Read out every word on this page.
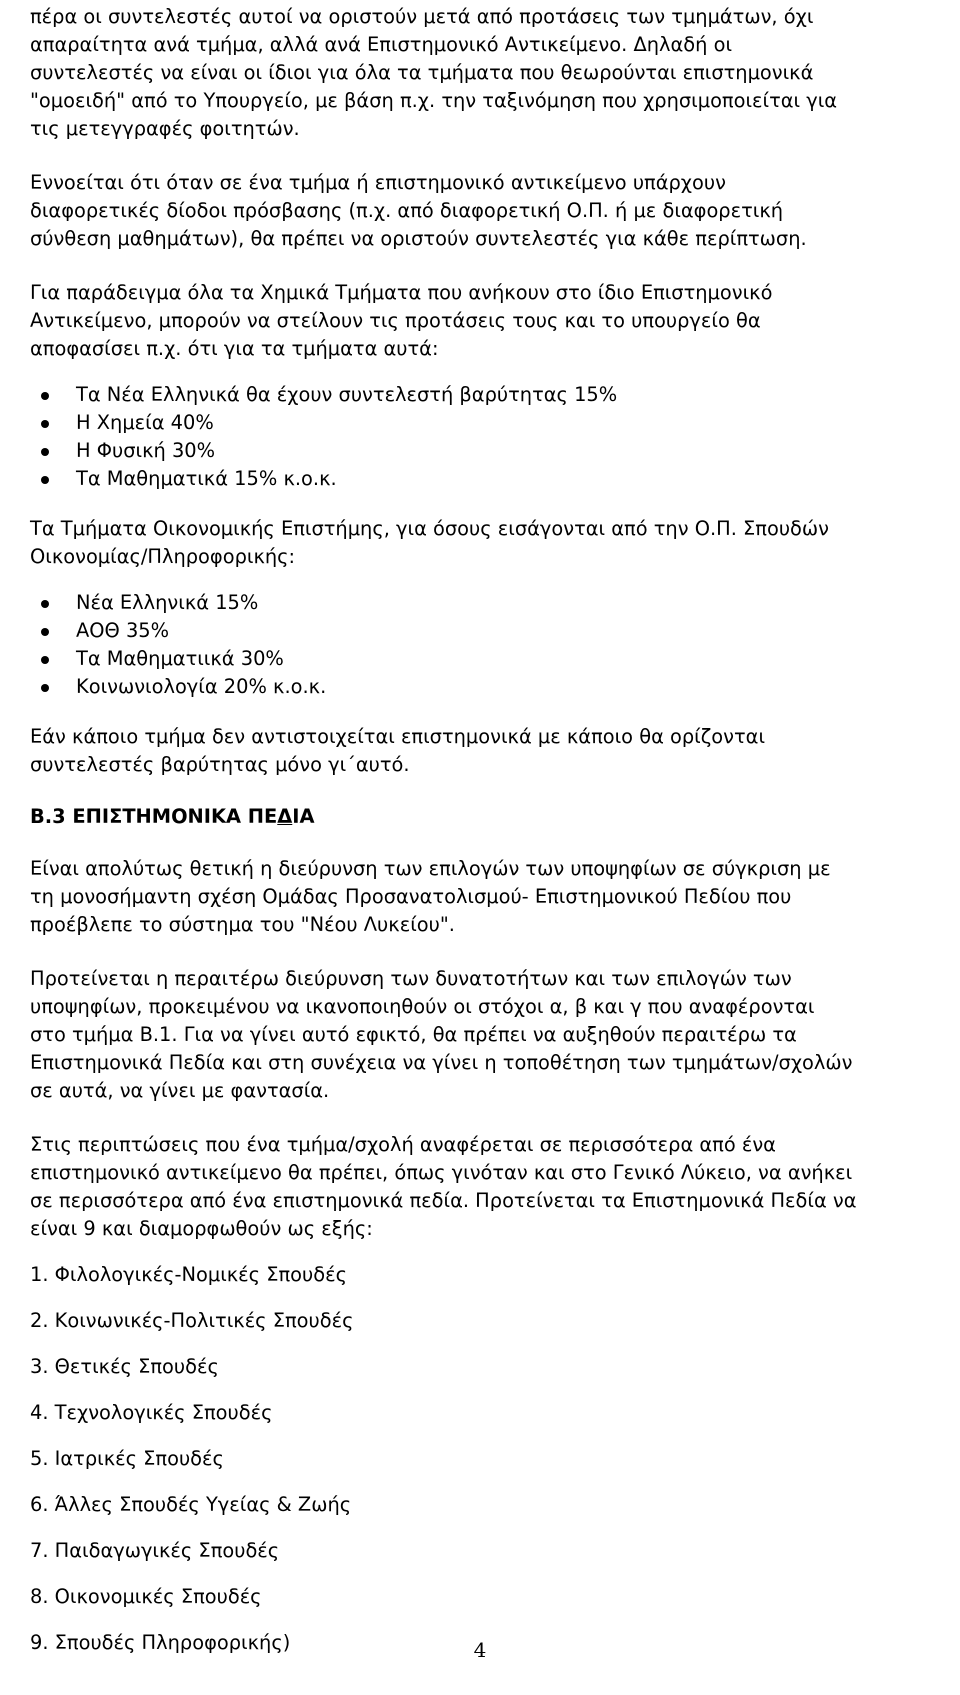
πέρα οι συντελεστές αυτοί να οριστούν μετά από προτάσεις των τμημάτων, όχι
απαραίτητα ανά τμήμα, αλλά ανά Επιστημονικό Αντικείμενο. Δηλαδή οι
συντελεστές να είναι οι ίδιοι για όλα τα τμήματα που θεωρούνται επιστημονικά
"ομοειδή" από το Υπουργείο, με βάση π.χ. την ταξινόμηση που χρησιμοποιείται για
τις μετεγγραφές φοιτητών.

Εννοείται ότι όταν σε ένα τμήμα ή επιστημονικό αντικείμενο υπάρχουν
διαφορετικές δίοδοι πρόσβασης (π.χ. από διαφορετική Ο.Π. ή με διαφορετική
σύνθεση μαθημάτων), θα πρέπει να οριστούν συντελεστές για κάθε περίπτωση.

Για παράδειγμα όλα τα Χημικά Τμήματα που ανήκουν στο ίδιο Επιστημονικό
Αντικείμενο, μπορούν να στείλουν τις προτάσεις τους και το υπουργείο θα
αποφασίσει π.χ. ότι για τα τμήματα αυτά:

Τα Νέα Ελληνικά θα έχουν συντελεστή βαρύτητας 15%
Η Χημεία 40%
Η Φυσική 30%
Τα Μαθηματικά 15% κ.ο.κ.

Τα Τμήματα Οικονομικής Επιστήμης, για όσους εισάγονται από την Ο.Π. Σπουδών
Οικονομίας/Πληροφορικής:

Νέα Ελληνικά 15%
ΑΟΘ 35%
Τα Μαθηματιικά 30%
Κοινωνιολογία 20% κ.ο.κ.

Εάν κάποιο τμήμα δεν αντιστοιχείται επιστημονικά με κάποιο θα ορίζονται
συντελεστές βαρύτητας μόνο γι΄αυτό.

Β.3 ΕΠΙΣΤΗΜΟΝΙΚΑ ΠΕΔΙΑ

Είναι απολύτως θετική η διεύρυνση των επιλογών των υποψηφίων σε σύγκριση με
τη μονοσήμαντη σχέση Ομάδας Προσανατολισμού- Επιστημονικού Πεδίου που
προέβλεπε το σύστημα του "Νέου Λυκείου".

Προτείνεται η περαιτέρω διεύρυνση των δυνατοτήτων και των επιλογών των
υποψηφίων, προκειμένου να ικανοποιηθούν οι στόχοι α, β και γ που αναφέρονται
στο τμήμα Β.1. Για να γίνει αυτό εφικτό, θα πρέπει να αυξηθούν περαιτέρω τα
Επιστημονικά Πεδία και στη συνέχεια να γίνει η τοποθέτηση των τμημάτων/σχολών
σε αυτά, να γίνει με φαντασία.

Στις περιπτώσεις που ένα τμήμα/σχολή αναφέρεται σε περισσότερα από ένα
επιστημονικό αντικείμενο θα πρέπει, όπως γινόταν και στο Γενικό Λύκειο, να ανήκει
σε περισσότερα από ένα επιστημονικά πεδία. Προτείνεται τα Επιστημονικά Πεδία να
είναι 9 και διαμορφωθούν ως εξής:

1. Φιλολογικές-Νομικές Σπουδές
2. Κοινωνικές-Πολιτικές Σπουδές
3. Θετικές Σπουδές
4. Τεχνολογικές Σπουδές
5. Ιατρικές Σπουδές
6. Άλλες Σπουδές Υγείας & Ζωής
7. Παιδαγωγικές Σπουδές
8. Οικονομικές Σπουδές
9. Σπουδές Πληροφορικής)	4
